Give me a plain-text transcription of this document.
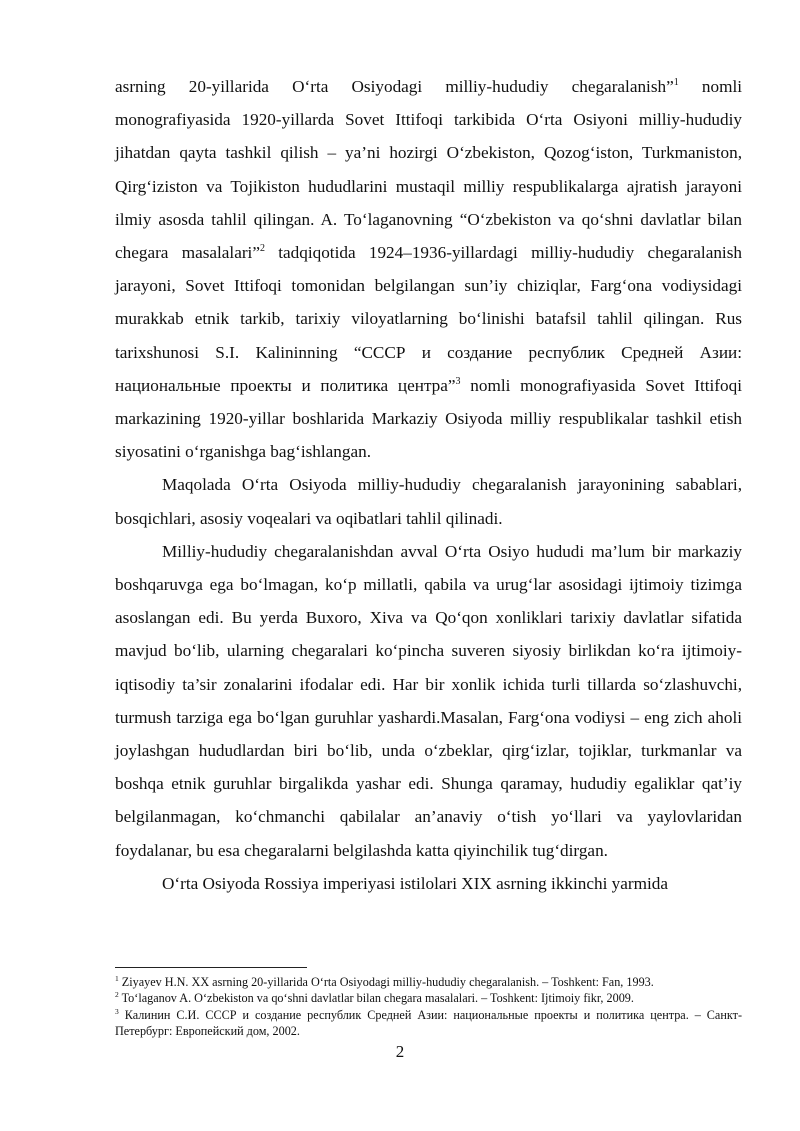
asrning 20-yillarida O‘rta Osiyodagi milliy-hududiy chegaralanish”$^1$ nomli monografiyasida 1920-yillarda Sovet Ittifoqi tarkibida O‘rta Osiyoni milliy-hududiy jihatdan qayta tashkil qilish – ya’ni hozirgi O‘zbekiston, Qozog‘iston, Turkmaniston, Qirg‘iziston va Tojikiston hududlarini mustaqil milliy respublikalarga ajratish jarayoni ilmiy asosda tahlil qilingan. A. To‘laganovning “O‘zbekiston va qo‘shni davlatlar bilan chegara masalalari”$^2$ tadqiqotida 1924–1936-yillardagi milliy-hududiy chegaralanish jarayoni, Sovet Ittifoqi tomonidan belgilangan sun’iy chiziqlar, Farg‘ona vodiysidagi murakkab etnik tarkib, tarixiy viloyatlarning bo‘linishi batafsil tahlil qilingan. Rus tarixshunosi S.I. Kalininning “СССР и создание республик Средней Азии: национальные проекты и политика центра”$^3$ nomli monografiyasida Sovet Ittifoqi markazining 1920-yillar boshlarida Markaziy Osiyoda milliy respublikalar tashkil etish siyosatini o‘rganishga bag‘ishlangan.

Maqolada O‘rta Osiyoda milliy-hududiy chegaralanish jarayonining sabablari, bosqichlari, asosiy voqealari va oqibatlari tahlil qilinadi.

Milliy-hududiy chegaralanishdan avval O‘rta Osiyo hududi ma’lum bir markaziy boshqaruvga ega bo‘lmagan, ko‘p millatli, qabila va urug‘lar asosidagi ijtimoiy tizimga asoslangan edi. Bu yerda Buxoro, Xiva va Qo‘qon xonliklari tarixiy davlatlar sifatida mavjud bo‘lib, ularning chegaralari ko‘pincha suveren siyosiy birlikdan ko‘ra ijtimoiy-iqtisodiy ta’sir zonalarini ifodalar edi. Har bir xonlik ichida turli tillarda so‘zlashuvchi, turmush tarziga ega bo‘lgan guruhlar yashardi.Masalan, Farg‘ona vodiysi – eng zich aholi joylashgan hududlardan biri bo‘lib, unda o‘zbeklar, qirg‘izlar, tojiklar, turkmanlar va boshqa etnik guruhlar birgalikda yashar edi. Shunga qaramay, hududiy egaliklar qat’iy belgilanmagan, ko‘chmanchi qabilalar an’anaviy o‘tish yo‘llari va yaylovlaridan foydalanar, bu esa chegaralarni belgilashda katta qiyinchilik tug‘dirgan.

O‘rta Osiyoda Rossiya imperiyasi istilolari XIX asrning ikkinchi yarmida

$^1$ Ziyayev H.N. XX asrning 20-yillarida O‘rta Osiyodagi milliy-hududiy chegaralanish. – Toshkent: Fan, 1993.

$^2$ To‘laganov A. O‘zbekiston va qo‘shni davlatlar bilan chegara masalalari. – Toshkent: Ijtimoiy fikr, 2009.

$^3$ Калинин С.И. СССР и создание республик Средней Азии: национальные проекты и политика центра. – Санкт-Петербург: Европейский дом, 2002.

2
